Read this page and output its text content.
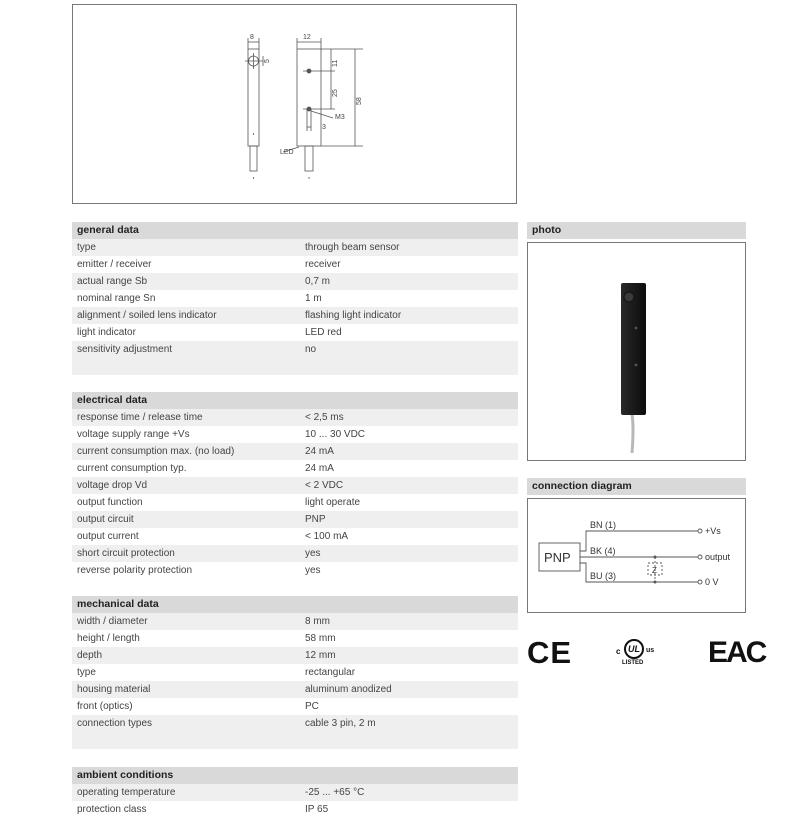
8
5
12
11
25
58
M3
3
LED
general data
type	through beam sensor
emitter / receiver	receiver
actual range Sb	0,7 m
nominal range Sn	1 m
alignment / soiled lens indicator	flashing light indicator
light indicator	LED red
sensitivity adjustment	no
electrical data
response time / release time	< 2,5 ms
voltage supply range +Vs	10 ... 30 VDC
current consumption max. (no load)	24 mA
current consumption typ.	24 mA
voltage drop Vd	< 2 VDC
output function	light operate
output circuit	PNP
output current	< 100 mA
short circuit protection	yes
reverse polarity protection	yes
mechanical data
width / diameter	8 mm
height / length	58 mm
depth	12 mm
type	rectangular
housing material	aluminum anodized
front (optics)	PC
connection types	cable 3 pin, 2 m
ambient conditions
operating temperature	-25 ... +65 °C
protection class	IP 65
photo
connection diagram
PNP
BN (1)
BK (4)
BU (3)
+Vs
output
0 V
Z
CE	c UL us
LISTED EAC
